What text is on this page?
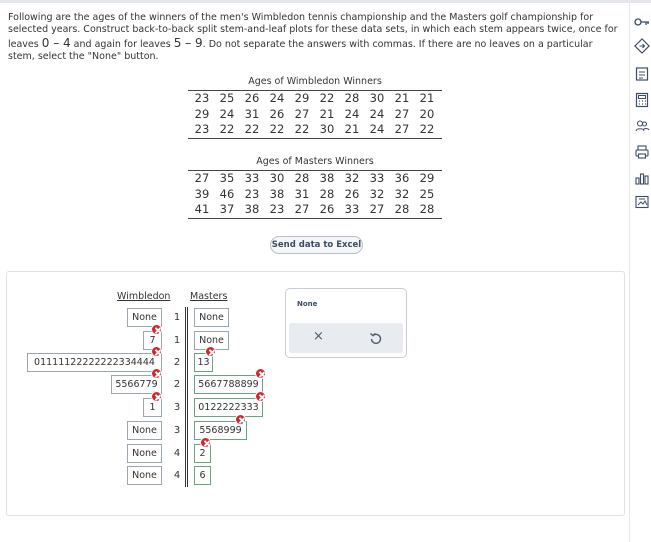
Following are the ages of the winners of the men's Wimbledon tennis championship and the Masters golf championship for selected years. Construct back-to-back split stem-and-leaf plots for these data sets, in which each stem appears twice, once for leaves 0 – 4 and again for leaves 5 – 9. Do not separate the answers with commas. If there are no leaves on a particular stem, select the "None" button.
Ages of Wimbledon Winners
23 25 26 24 29 22 28 30 21 21
29 24 31 26 27 21 24 24 27 20
23 22 22 22 22 30 21 24 27 22
Ages of Masters Winners
27 35 33 30 28 38 32 33 36 29
39 46 23 38 31 28 26 32 32 25
41 37 38 23 27 26 33 27 28 28
Send data to Excel
Wimbledon Masters
None	1	None
7	1	None
01111122222222334444	2	13
5566779	2	5667788899
1	3	0122222333
None	3	5568999
None	4	2
None	4	6
None
×
